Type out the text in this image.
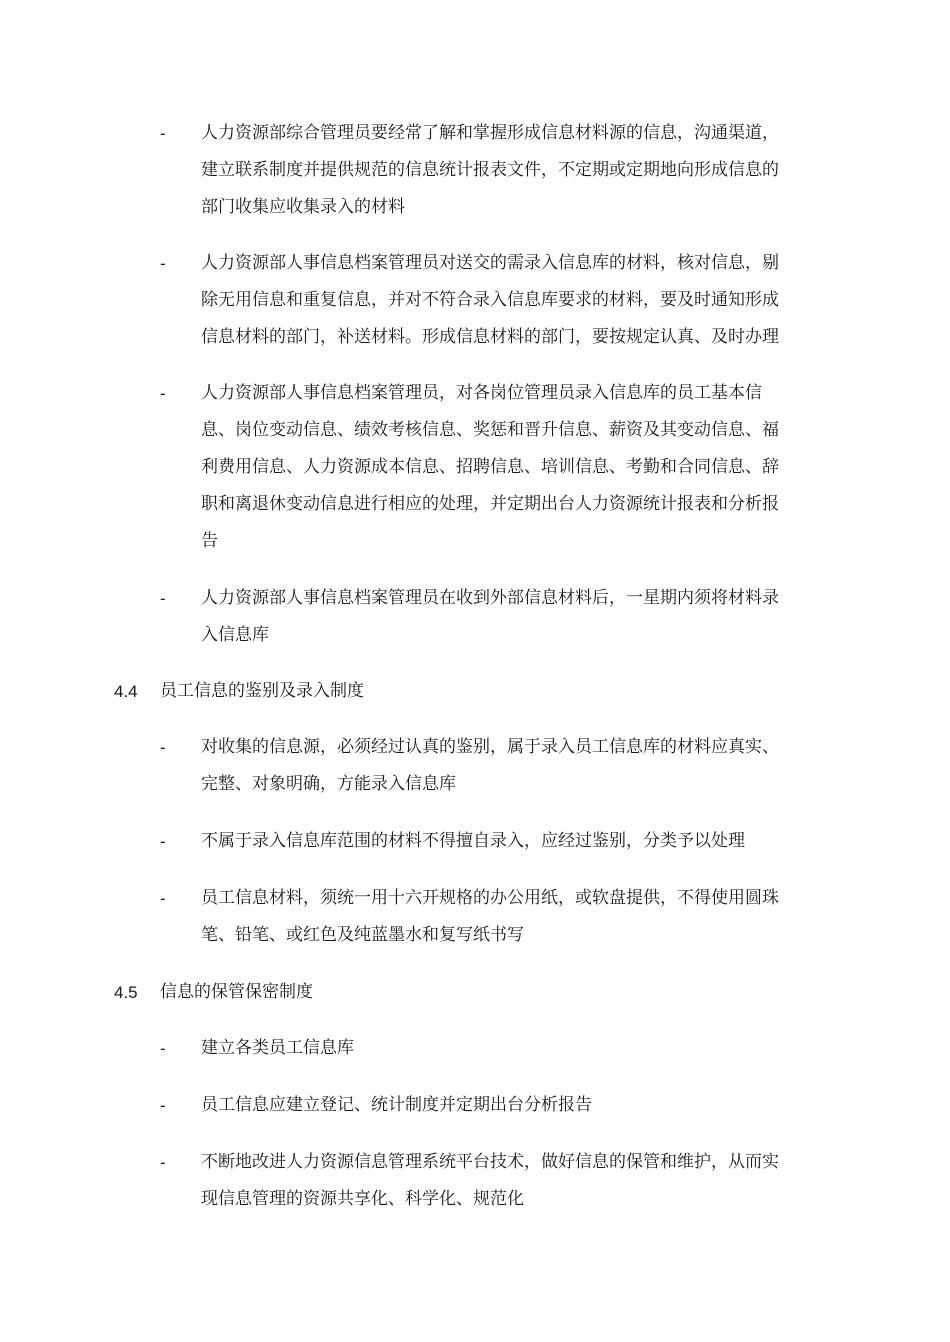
-	人力资源部综合管理员要经常了解和掌握形成信息材料源的信息，沟通渠道，
建立联系制度并提供规范的信息统计报表文件，不定期或定期地向形成信息的
部门收集应收集录入的材料
-	人力资源部人事信息档案管理员对送交的需录入信息库的材料，核对信息，剔
除无用信息和重复信息，并对不符合录入信息库要求的材料，要及时通知形成
信息材料的部门，补送材料。形成信息材料的部门，要按规定认真、及时办理
-	人力资源部人事信息档案管理员，对各岗位管理员录入信息库的员工基本信
息、岗位变动信息、绩效考核信息、奖惩和晋升信息、薪资及其变动信息、福
利费用信息、人力资源成本信息、招聘信息、培训信息、考勤和合同信息、辞
职和离退休变动信息进行相应的处理，并定期出台人力资源统计报表和分析报
告
-	人力资源部人事信息档案管理员在收到外部信息材料后，一星期内须将材料录
入信息库
4.4 员工信息的鉴别及录入制度
-	对收集的信息源，必须经过认真的鉴别，属于录入员工信息库的材料应真实、
完整、对象明确，方能录入信息库
-	不属于录入信息库范围的材料不得擅自录入，应经过鉴别，分类予以处理
-	员工信息材料，须统一用十六开规格的办公用纸，或软盘提供，不得使用圆珠
笔、铅笔、或红色及纯蓝墨水和复写纸书写
4.5 信息的保管保密制度
-	建立各类员工信息库
-	员工信息应建立登记、统计制度并定期出台分析报告
-	不断地改进人力资源信息管理系统平台技术，做好信息的保管和维护，从而实
现信息管理的资源共享化、科学化、规范化
